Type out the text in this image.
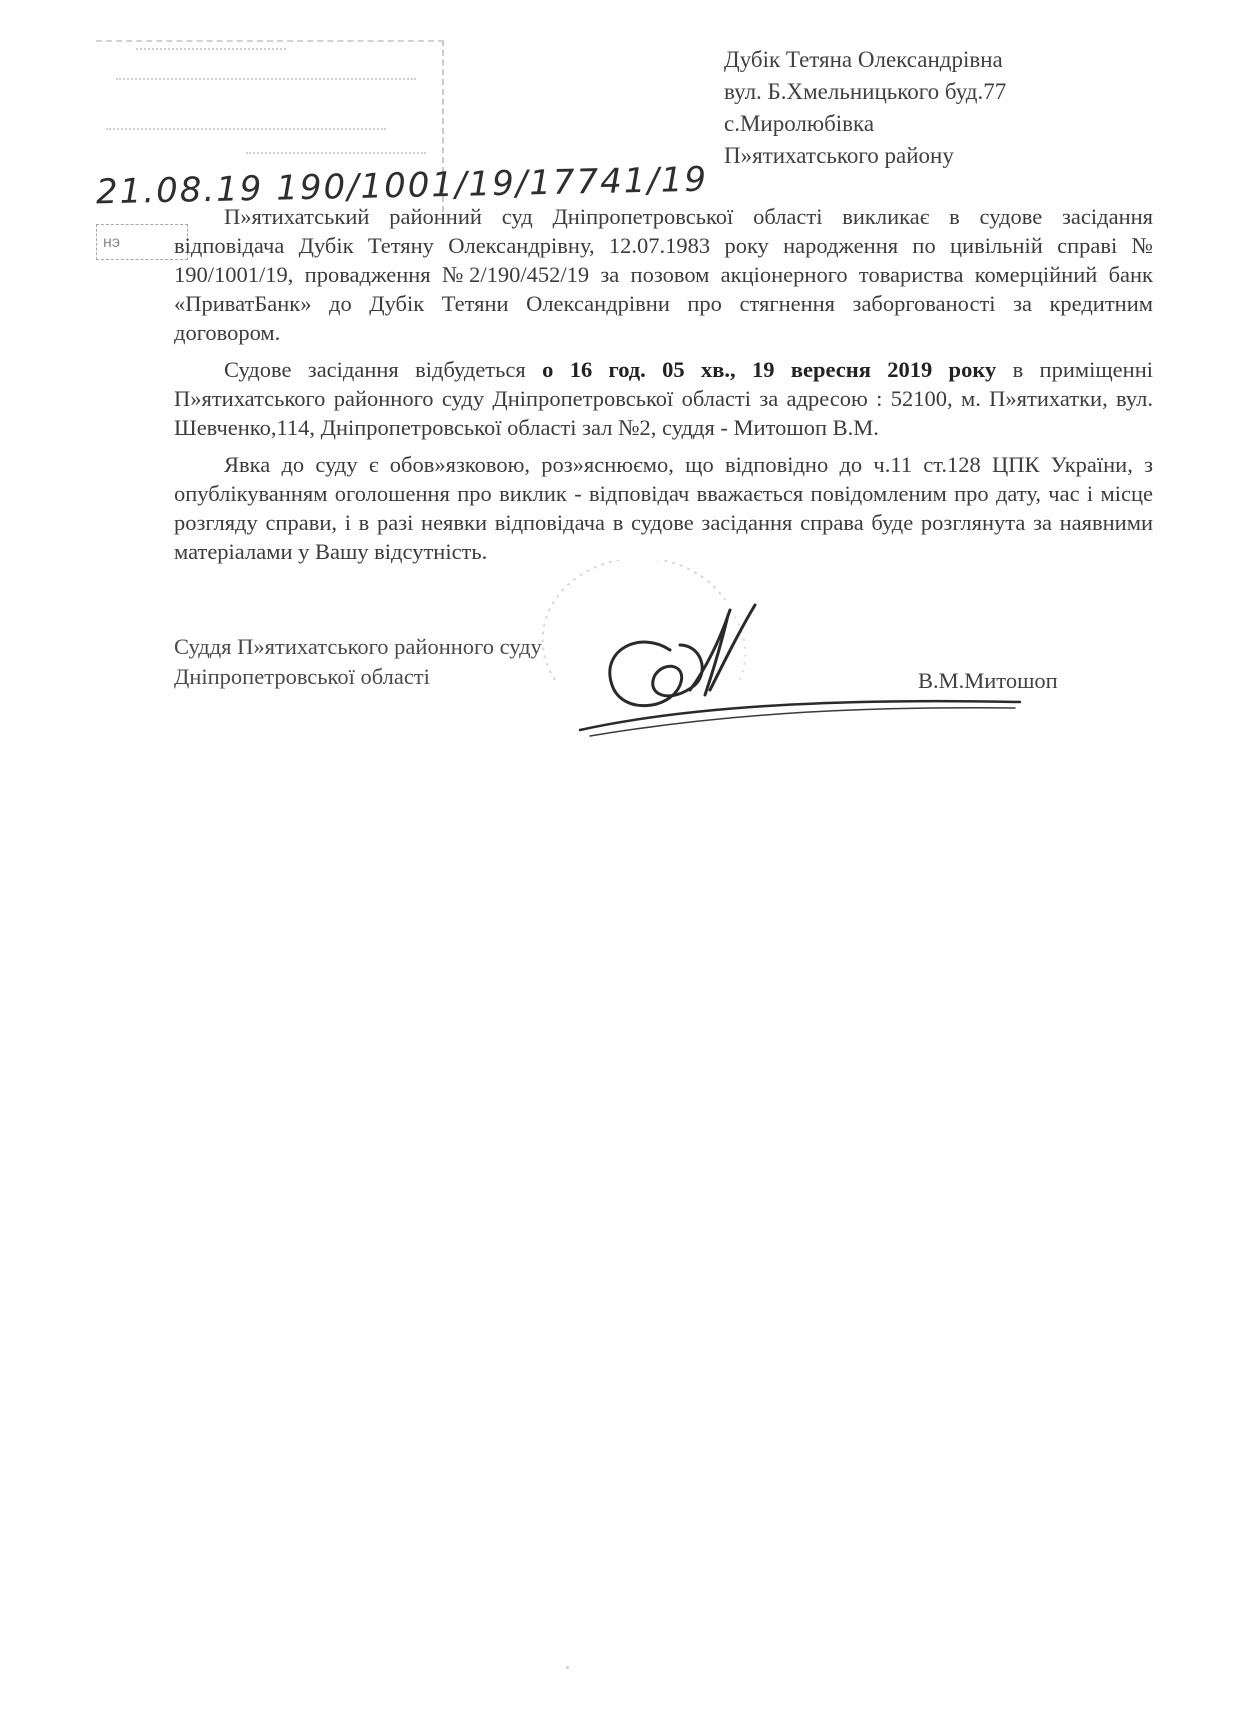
нэ
21.08.19 190/1001/19/17741/19
Дубік Тетяна Олександрівна
вул. Б.Хмельницького буд.77
с.Миролюбівка
П»ятихатського району

П»ятихатський районний суд Дніпропетровської області викликає в судове засідання відповідача Дубік Тетяну Олександрівну, 12.07.1983 року народження по цивільній справі № 190/1001/19, провадження №2/190/452/19 за позовом акціонерного товариства комерційний банк «ПриватБанк» до Дубік Тетяни Олександрівни про стягнення заборгованості за кредитним договором.

Судове засідання відбудеться о 16 год. 05 хв., 19 вересня 2019 року в приміщенні П»ятихатського районного суду Дніпропетровської області за адресою : 52100, м. П»ятихатки, вул. Шевченко,114, Дніпропетровської області зал №2, суддя - Митошоп В.М.

Явка до суду є обов»язковою, роз»яснюємо, що відповідно до ч.11 ст.128 ЦПК України, з опублікуванням оголошення про виклик - відповідач вважається повідомленим про дату, час і місце розгляду справи, і в разі неявки відповідача в судове засідання справа буде розглянута за наявними матеріалами у Вашу відсутність.

Суддя П»ятихатського районного суду
Дніпропетровської області	В.М.Митошоп
